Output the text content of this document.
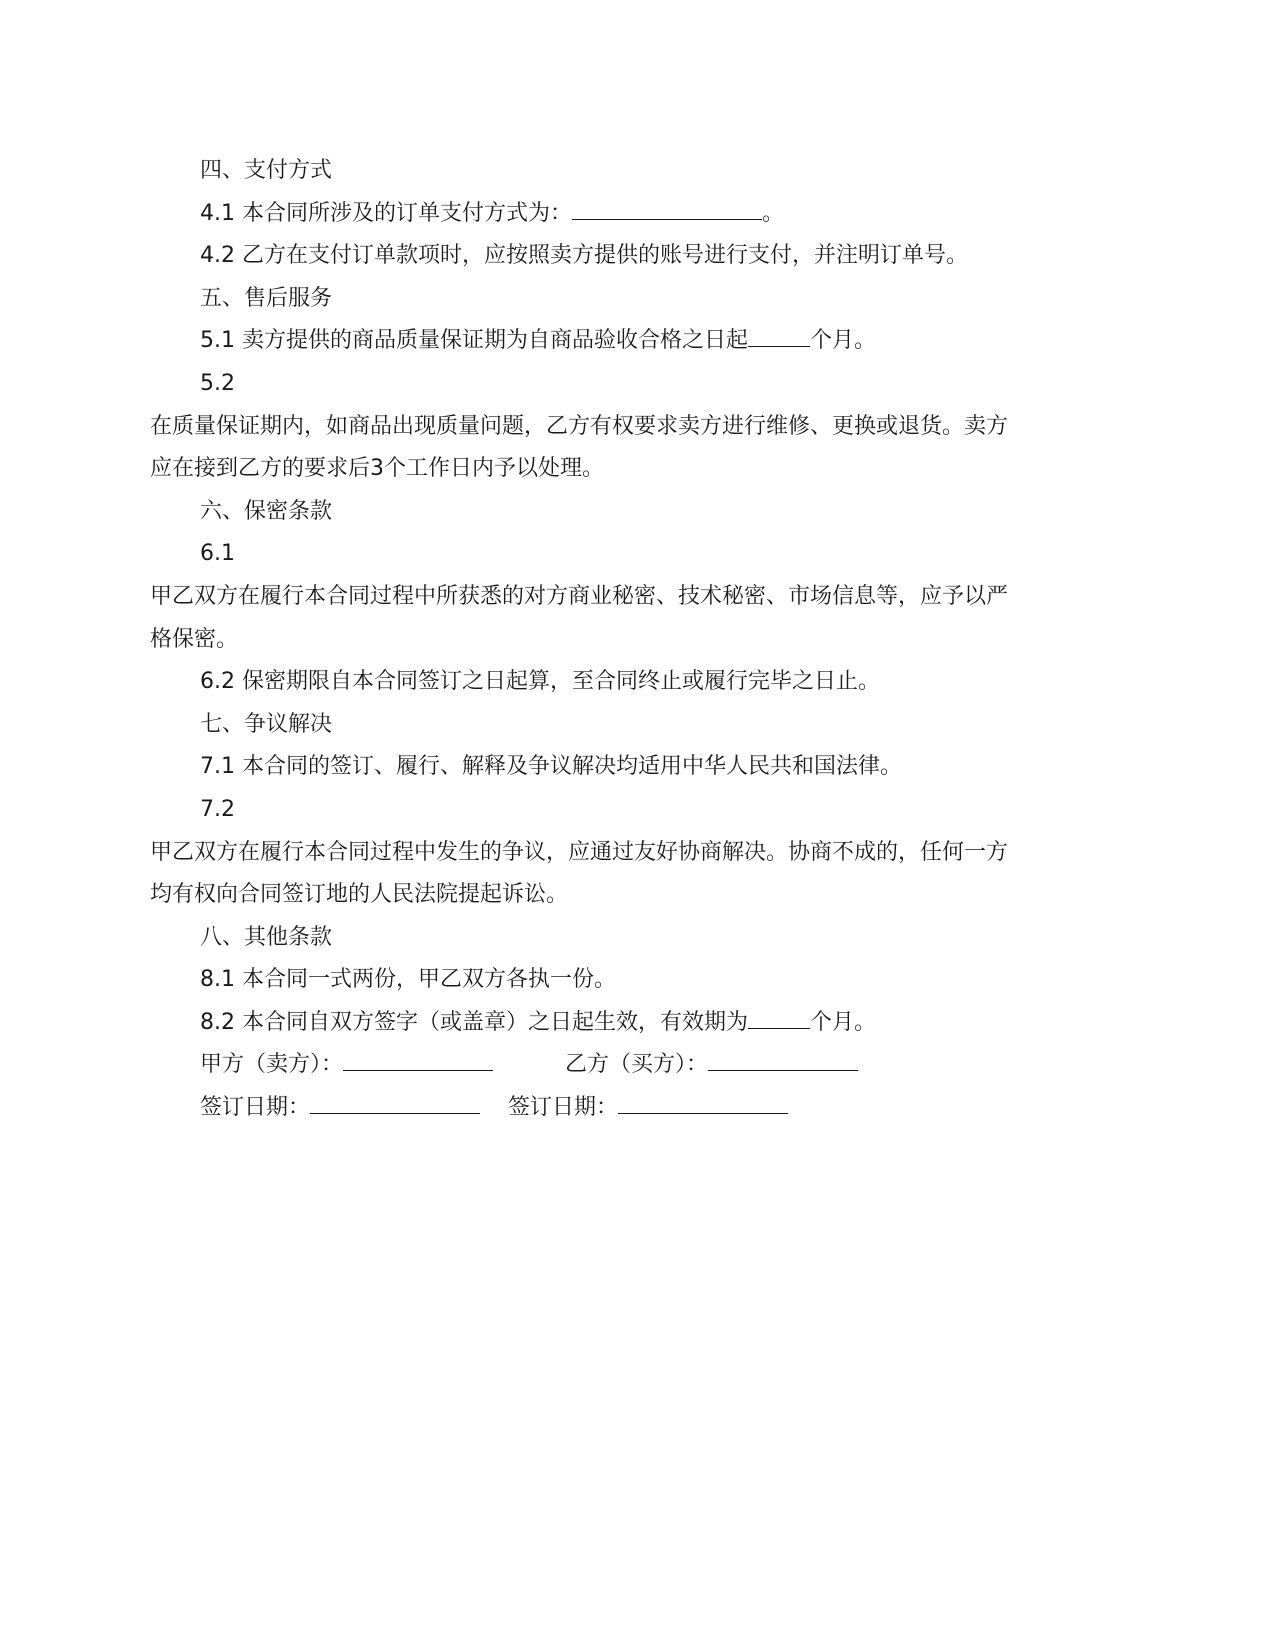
四、支付方式
4.1 本合同所涉及的订单支付方式为：	。
4.2 乙方在支付订单款项时，应按照卖方提供的账号进行支付，并注明订单号。
五、售后服务
5.1 卖方提供的商品质量保证期为自商品验收合格之日起	个月。
5.2
在质量保证期内，如商品出现质量问题，乙方有权要求卖方进行维修、更换或退货。卖方
应在接到乙方的要求后3个工作日内予以处理。
六、保密条款
6.1
甲乙双方在履行本合同过程中所获悉的对方商业秘密、技术秘密、市场信息等，应予以严
格保密。
6.2 保密期限自本合同签订之日起算，至合同终止或履行完毕之日止。
七、争议解决
7.1 本合同的签订、履行、解释及争议解决均适用中华人民共和国法律。
7.2
甲乙双方在履行本合同过程中发生的争议，应通过友好协商解决。协商不成的，任何一方
均有权向合同签订地的人民法院提起诉讼。
八、其他条款
8.1 本合同一式两份，甲乙双方各执一份。
8.2 本合同自双方签字（或盖章）之日起生效，有效期为	个月。
甲方（卖方）：	乙方（买方）：
签订日期：	签订日期：
